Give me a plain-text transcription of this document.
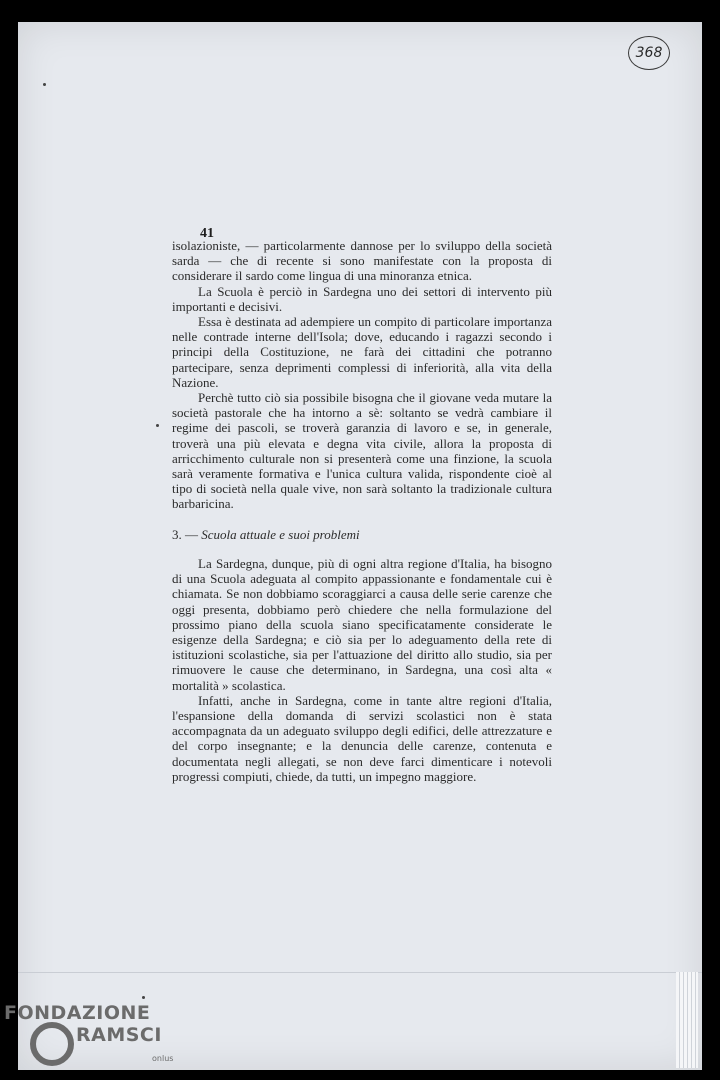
368
41

isolazioniste, — particolarmente dannose per lo sviluppo della società sarda — che di recente si sono manifestate con la proposta di considerare il sardo come lingua di una minoranza etnica.

La Scuola è perciò in Sardegna uno dei settori di intervento più importanti e decisivi.

Essa è destinata ad adempiere un compito di particolare importanza nelle contrade interne dell'Isola; dove, educando i ragazzi secondo i principi della Costituzione, ne farà dei cittadini che potranno partecipare, senza deprimenti complessi di inferiorità, alla vita della Nazione.

Perchè tutto ciò sia possibile bisogna che il giovane veda mutare la società pastorale che ha intorno a sè: soltanto se vedrà cambiare il regime dei pascoli, se troverà garanzia di lavoro e se, in generale, troverà una più elevata e degna vita civile, allora la proposta di arricchimento culturale non si presenterà come una finzione, la scuola sarà veramente formativa e l'unica cultura valida, rispondente cioè al tipo di società nella quale vive, non sarà soltanto la tradizionale cultura barbaricina.

3. — Scuola attuale e suoi problemi

La Sardegna, dunque, più di ogni altra regione d'Italia, ha bisogno di una Scuola adeguata al compito appassionante e fondamentale cui è chiamata. Se non dobbiamo scoraggiarci a causa delle serie carenze che oggi presenta, dobbiamo però chiedere che nella formulazione del prossimo piano della scuola siano specificatamente considerate le esigenze della Sardegna; e ciò sia per lo adeguamento della rete di istituzioni scolastiche, sia per l'attuazione del diritto allo studio, sia per rimuovere le cause che determinano, in Sardegna, una così alta « mortalità » scolastica.

Infatti, anche in Sardegna, come in tante altre regioni d'Italia, l'espansione della domanda di servizi scolastici non è stata accompagnata da un adeguato sviluppo degli edifici, delle attrezzature e del corpo insegnante; e la denuncia delle carenze, contenuta e documentata negli allegati, se non deve farci dimenticare i notevoli progressi compiuti, chiede, da tutti, un impegno maggiore.

FONDAZIONE
RAMSCI
onlus
